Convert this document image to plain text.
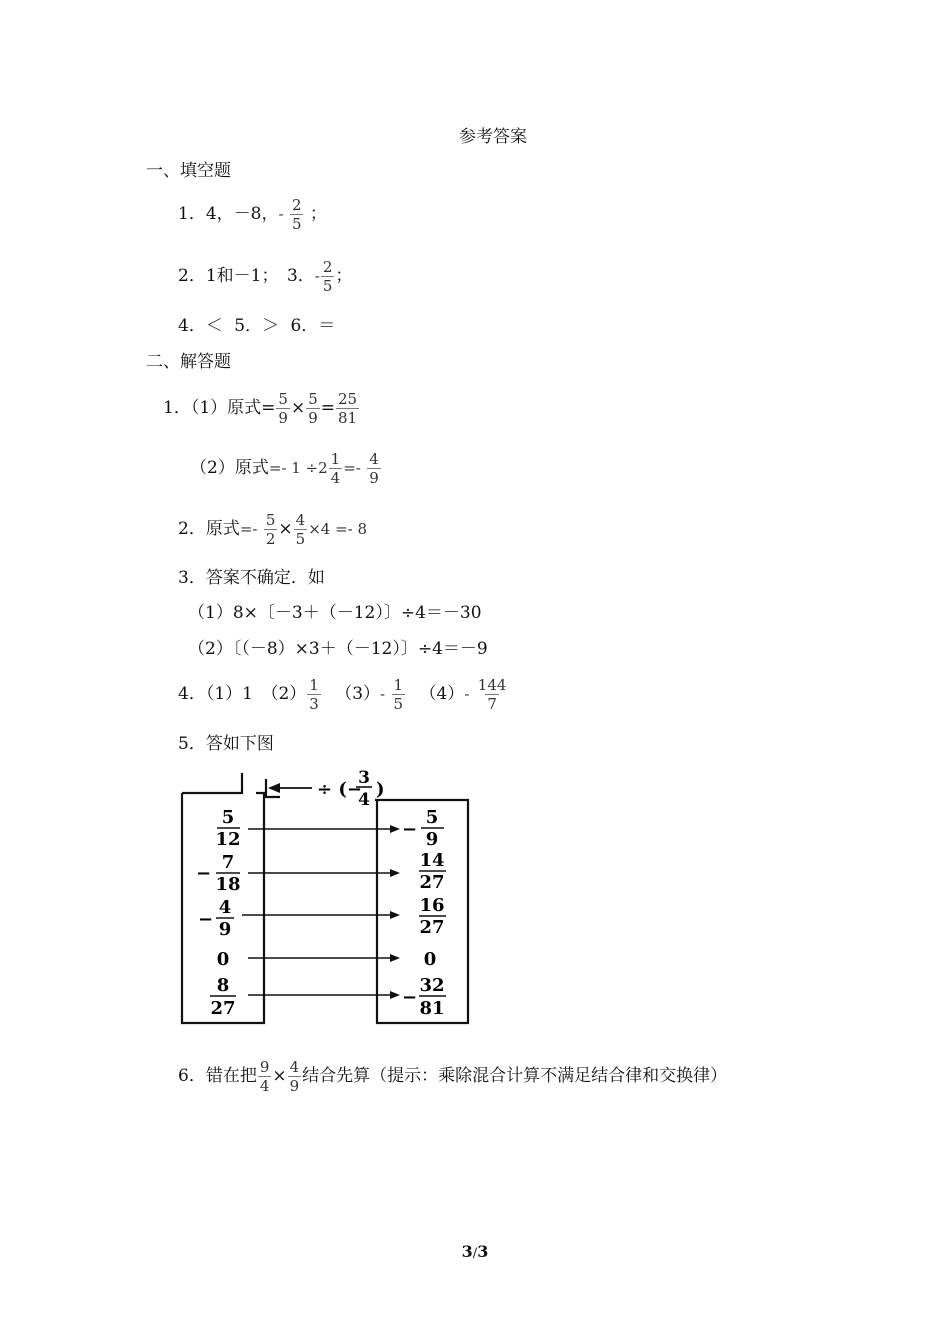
参考答案
一、填空题
1．4，－8，- $\frac{2}{5}$ ；
2．1和－1；　3．- $\frac{2}{5}$ ；
4．＜ 5．＞ 6．＝
二、解答题
1．（1）原式= $\frac{5}{9} \times \frac{5}{9} = \frac{25}{81}$
（2）原式=- $1 \div 2 \frac{1}{4} =- \frac{4}{9}$
2．原式=- $\frac{5}{2} \times \frac{4}{5} \times 4 =- 8$
3．答案不确定．如
（1）8×〔－3＋（－12）〕÷4＝－30
（2）〔（－8）×3＋（－12）〕÷4＝－9
4．（1）1　$(2) \frac{1}{3} (3)- \frac{1}{5} (4)- \frac{144}{7}$
5．答如下图
÷ (−
3
4 )
5
12	−
5
9
−
7
18
14
27
−
4
9
16
27
0	0
8
27
−
32
81
6．错在把 $\frac{9}{4} \times \frac{4}{9}$ 结合先算（提示：乘除混合计算不满足结合律和交换律）
3/3
